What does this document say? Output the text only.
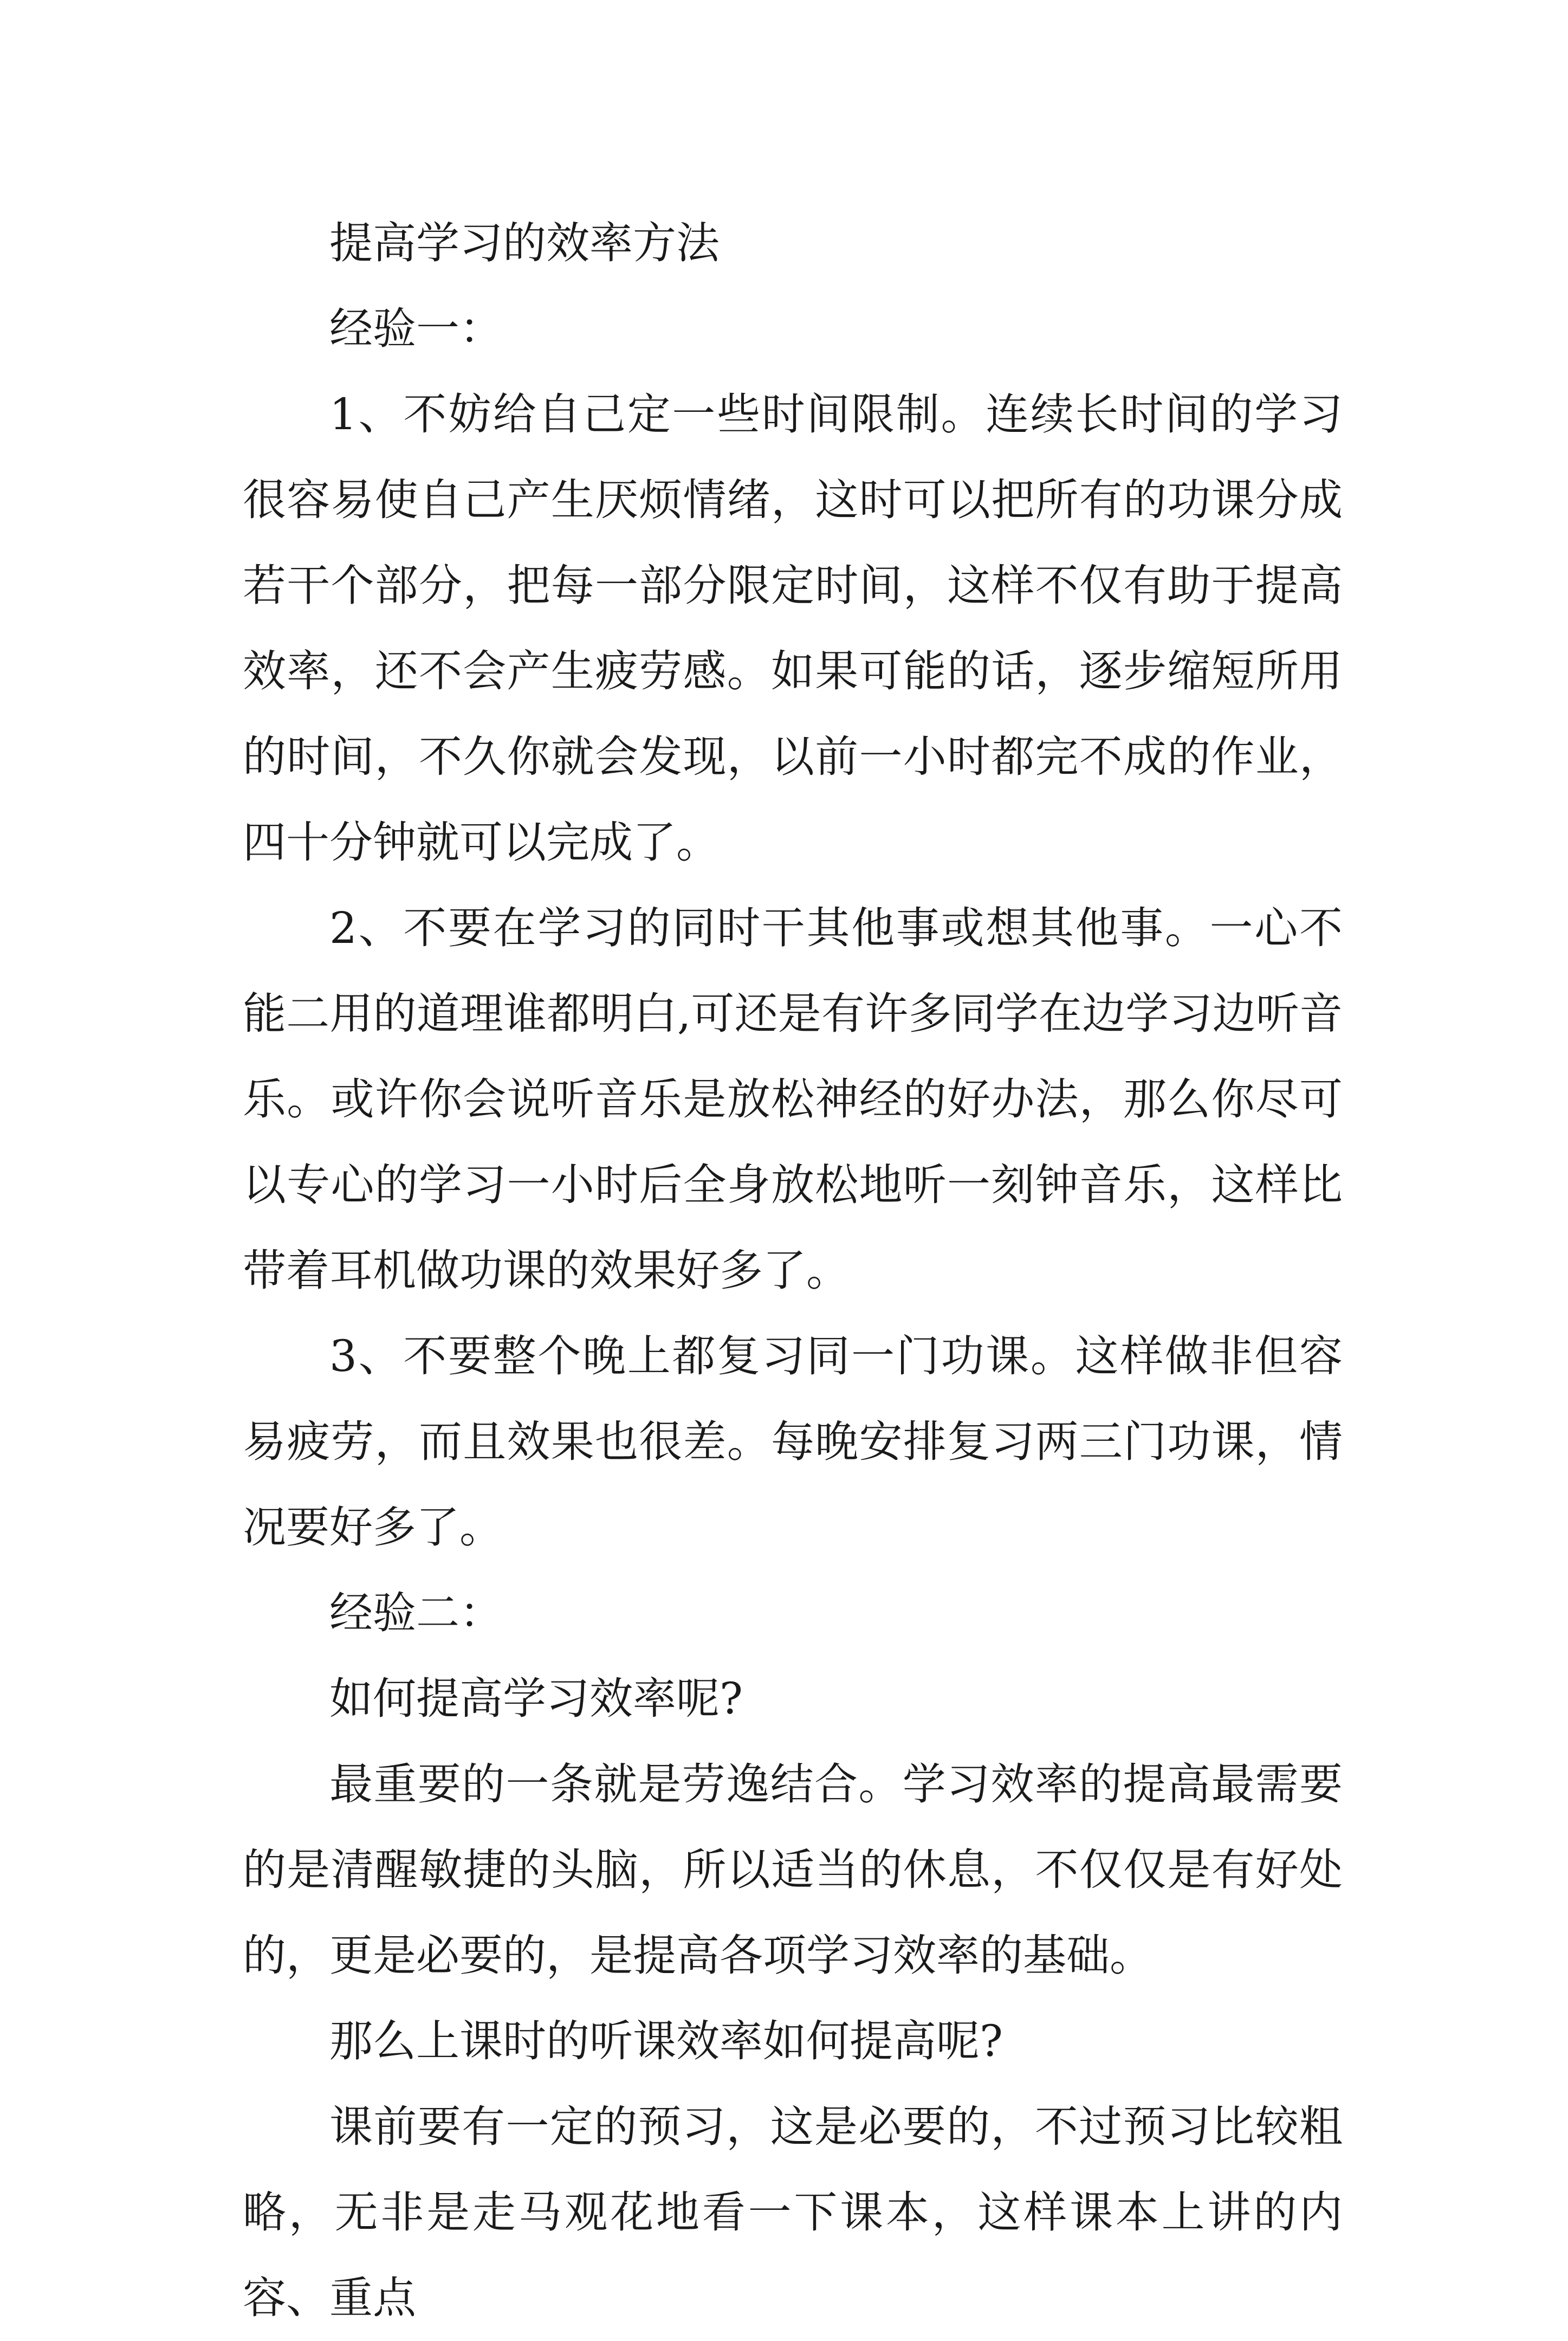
提高学习的效率方法

经验一：

1、不妨给自己定一些时间限制。连续长时间的学习很容易使自己产生厌烦情绪，这时可以把所有的功课分成若干个部分，把每一部分限定时间，这样不仅有助于提高效率，还不会产生疲劳感。如果可能的话，逐步缩短所用的时间，不久你就会发现，以前一小时都完不成的作业，四十分钟就可以完成了。

2、不要在学习的同时干其他事或想其他事。一心不能二用的道理谁都明白,可还是有许多同学在边学习边听音乐。或许你会说听音乐是放松神经的好办法，那么你尽可以专心的学习一小时后全身放松地听一刻钟音乐，这样比带着耳机做功课的效果好多了。

3、不要整个晚上都复习同一门功课。这样做非但容易疲劳，而且效果也很差。每晚安排复习两三门功课，情况要好多了。

经验二：

如何提高学习效率呢?

最重要的一条就是劳逸结合。学习效率的提高最需要的是清醒敏捷的头脑，所以适当的休息，不仅仅是有好处的，更是必要的，是提高各项学习效率的基础。

那么上课时的听课效率如何提高呢?

课前要有一定的预习，这是必要的，不过预习比较粗略，无非是走马观花地看一下课本，这样课本上讲的内容、重点
